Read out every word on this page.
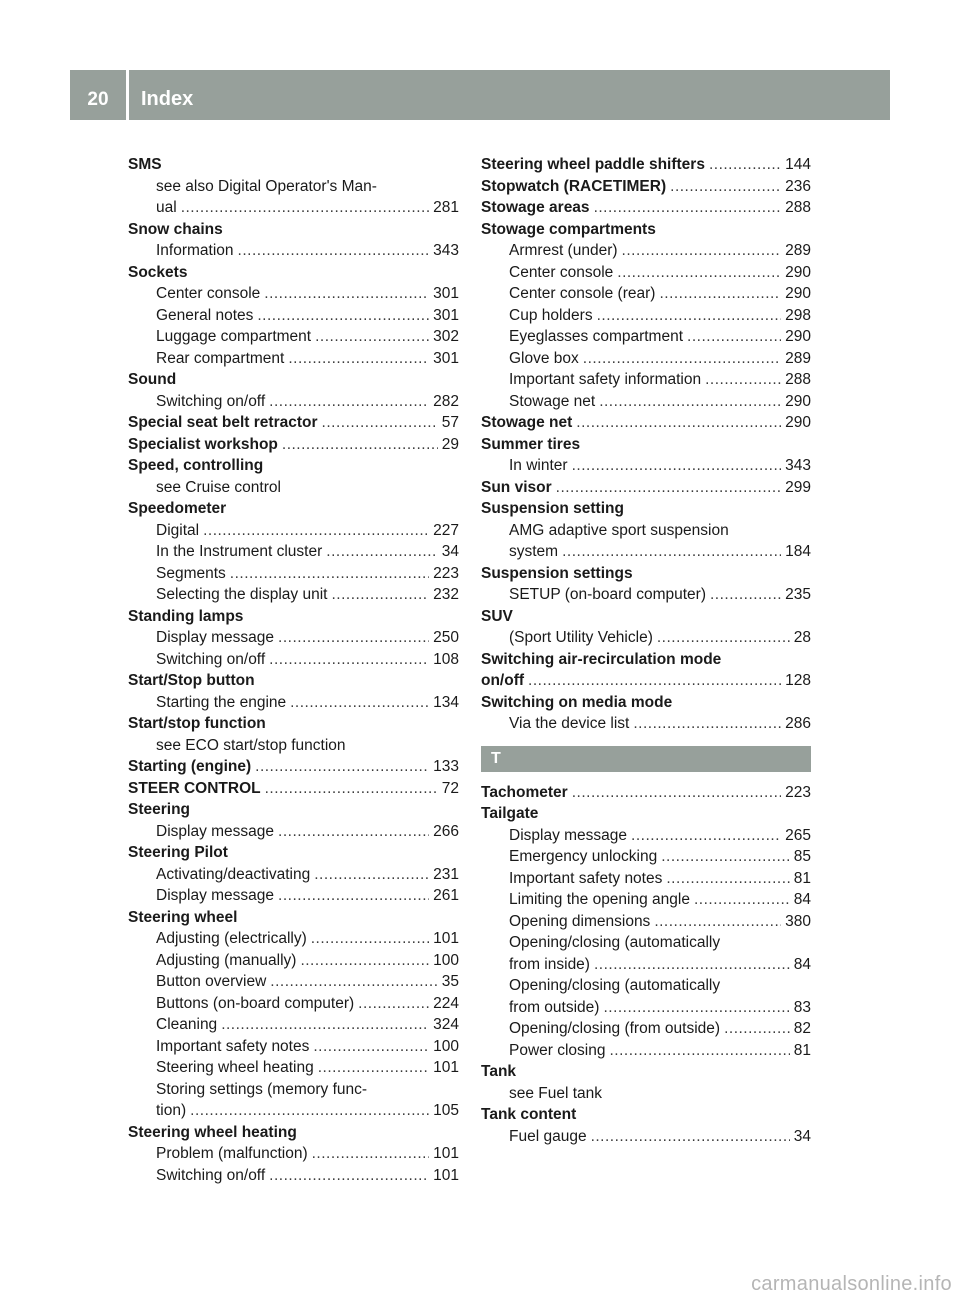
20	Index
SMS
see also Digital Operator's Man-
ual .....	281
Snow chains
Information .....	343
Sockets
Center console .....	301
General notes .....	301
Luggage compartment .....	302
Rear compartment .....	301
Sound
Switching on/off .....	282
Special seat belt retractor .....	57
Specialist workshop .....	29
Speed, controlling
see Cruise control
Speedometer
Digital .....	227
In the Instrument cluster .....	34
Segments .....	223
Selecting the display unit .....	232
Standing lamps
Display message .....	250
Switching on/off .....	108
Start/Stop button
Starting the engine .....	134
Start/stop function
see ECO start/stop function
Starting (engine) .....	133
STEER CONTROL .....	72
Steering
Display message .....	266
Steering Pilot
Activating/deactivating .....	231
Display message .....	261
Steering wheel
Adjusting (electrically) .....	101
Adjusting (manually) .....	100
Button overview .....	35
Buttons (on-board computer) .....	224
Cleaning .....	324
Important safety notes .....	100
Steering wheel heating .....	101
Storing settings (memory func-
tion) .....	105
Steering wheel heating
Problem (malfunction) .....	101
Switching on/off .....	101
Steering wheel paddle shifters .....	144
Stopwatch (RACETIMER) .....	236
Stowage areas .....	288
Stowage compartments
Armrest (under) .....	289
Center console .....	290
Center console (rear) .....	290
Cup holders .....	298
Eyeglasses compartment .....	290
Glove box .....	289
Important safety information .....	288
Stowage net .....	290
Stowage net .....	290
Summer tires
In winter .....	343
Sun visor .....	299
Suspension setting
AMG adaptive sport suspension
system .....	184
Suspension settings
SETUP (on-board computer) .....	235
SUV
(Sport Utility Vehicle) .....	28
Switching air-recirculation mode
on/off .....	128
Switching on media mode
Via the device list .....	286
T
Tachometer .....	223
Tailgate
Display message .....	265
Emergency unlocking .....	85
Important safety notes .....	81
Limiting the opening angle .....	84
Opening dimensions .....	380
Opening/closing (automatically
from inside) .....	84
Opening/closing (automatically
from outside) .....	83
Opening/closing (from outside) .....	82
Power closing .....	81
Tank
see Fuel tank
Tank content
Fuel gauge .....	34
carmanualsonline.info
